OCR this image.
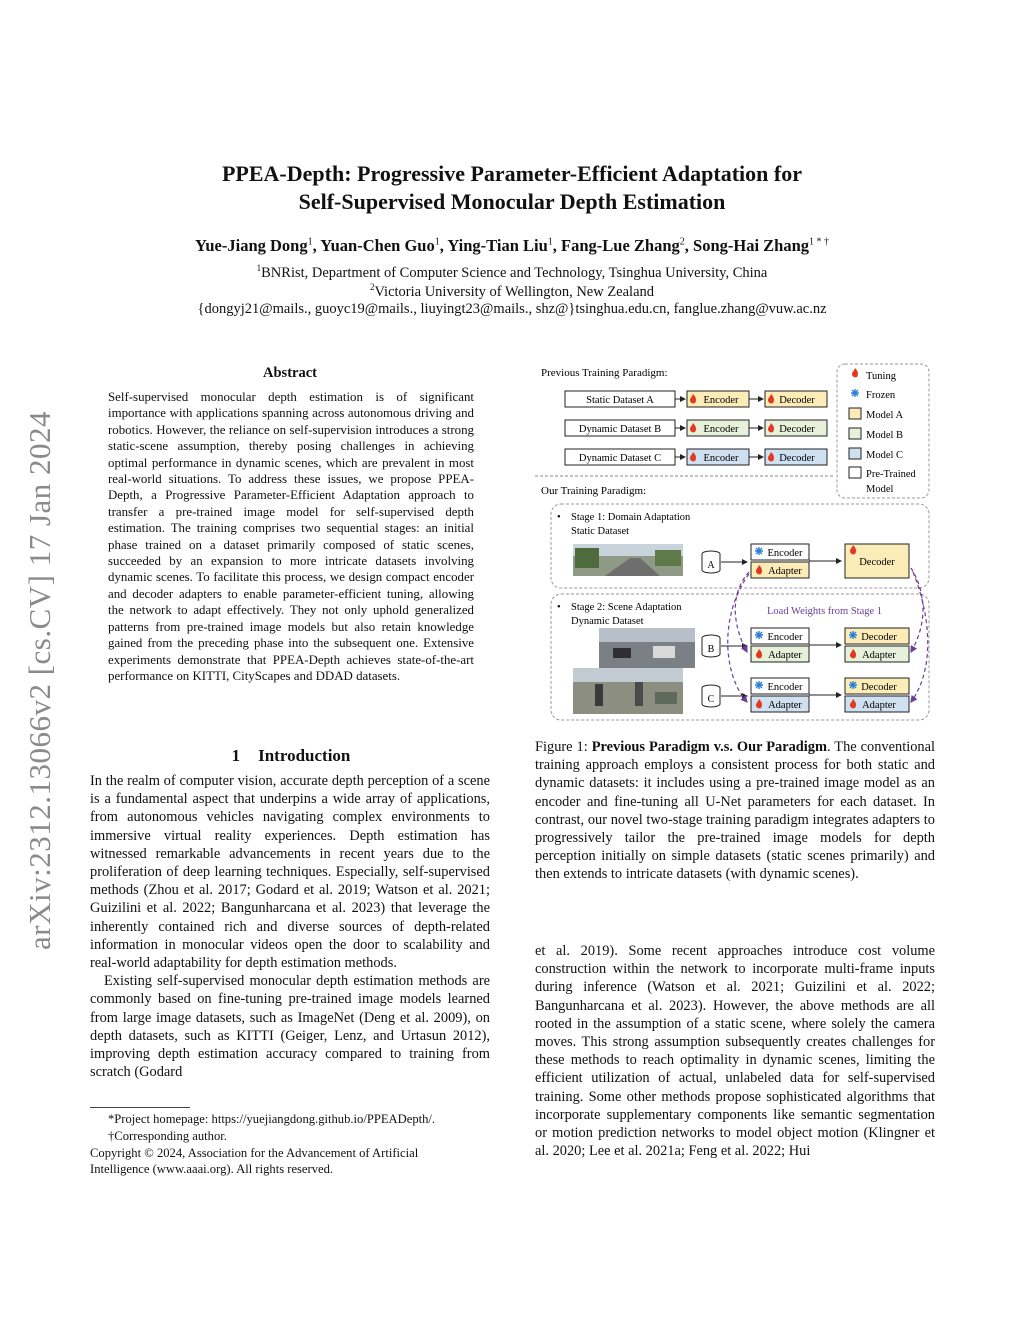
PPEA-Depth: Progressive Parameter-Efficient Adaptation for
Self-Supervised Monocular Depth Estimation
Yue-Jiang Dong$^1$, Yuan-Chen Guo$^1$, Ying-Tian Liu$^1$, Fang-Lue Zhang$^2$, Song-Hai Zhang$^{1 * \dagger}$
$^1$BNRist, Department of Computer Science and Technology, Tsinghua University, China
$^2$Victoria University of Wellington, New Zealand
{dongyj21@mails., guoyc19@mails., liuyingt23@mails., shz@}tsinghua.edu.cn, fanglue.zhang@vuw.ac.nz
arXiv:2312.13066v2 [cs.CV] 17 Jan 2024
Abstract
Self-supervised monocular depth estimation is of significant importance with applications spanning across autonomous driving and robotics. However, the reliance on self-supervision introduces a strong static-scene assumption, thereby posing challenges in achieving optimal performance in dynamic scenes, which are prevalent in most real-world situations. To address these issues, we propose PPEA-Depth, a Progressive Parameter-Efficient Adaptation approach to transfer a pre-trained image model for self-supervised depth estimation. The training comprises two sequential stages: an initial phase trained on a dataset primarily composed of static scenes, succeeded by an expansion to more intricate datasets involving dynamic scenes. To facilitate this process, we design compact encoder and decoder adapters to enable parameter-efficient tuning, allowing the network to adapt effectively. They not only uphold generalized patterns from pre-trained image models but also retain knowledge gained from the preceding phase into the subsequent one. Extensive experiments demonstrate that PPEA-Depth achieves state-of-the-art performance on KITTI, CityScapes and DDAD datasets.
1 Introduction

In the realm of computer vision, accurate depth perception of a scene is a fundamental aspect that underpins a wide array of applications, from autonomous vehicles navigating complex environments to immersive virtual reality experiences. Depth estimation has witnessed remarkable advancements in recent years due to the proliferation of deep learning techniques. Especially, self-supervised methods (Zhou et al. 2017; Godard et al. 2019; Watson et al. 2021; Guizilini et al. 2022; Bangunharcana et al. 2023) that leverage the inherently contained rich and diverse sources of depth-related information in monocular videos open the door to scalability and real-world adaptability for depth estimation methods.

Existing self-supervised monocular depth estimation methods are commonly based on fine-tuning pre-trained image models learned from large image datasets, such as ImageNet (Deng et al. 2009), on depth datasets, such as KITTI (Geiger, Lenz, and Urtasun 2012), improving depth estimation accuracy compared to training from scratch (Godard

*Project homepage: https://yuejiangdong.github.io/PPEADepth/.
†Corresponding author.
Copyright © 2024, Association for the Advancement of Artificial
Intelligence (www.aaai.org). All rights reserved.
Previous Training Paradigm:
Static Dataset A	Encoder	Decoder
Dynamic Dataset B	Encoder	Decoder
Dynamic Dataset C	Encoder	Decoder
Tuning
Frozen
Model A
Model B
Model C
Pre-Trained
Model
Our Training Paradigm:
• Stage 1: Domain Adaptation
Static Dataset
A
Encoder
Adapter
Decoder
• Stage 2: Scene Adaptation
Dynamic Dataset
Load Weights from Stage 1
B
Encoder
Adapter
Decoder
Adapter
C
Encoder
Adapter
Decoder
Adapter
Figure 1: Previous Paradigm v.s. Our Paradigm. The conventional training approach employs a consistent process for both static and dynamic datasets: it includes using a pre-trained image model as an encoder and fine-tuning all U-Net parameters for each dataset. In contrast, our novel two-stage training paradigm integrates adapters to progressively tailor the pre-trained image models for depth perception initially on simple datasets (static scenes primarily) and then extends to intricate datasets (with dynamic scenes).
et al. 2019). Some recent approaches introduce cost volume construction within the network to incorporate multi-frame inputs during inference (Watson et al. 2021; Guizilini et al. 2022; Bangunharcana et al. 2023). However, the above methods are all rooted in the assumption of a static scene, where solely the camera moves. This strong assumption subsequently creates challenges for these methods to reach optimality in dynamic scenes, limiting the efficient utilization of actual, unlabeled data for self-supervised training. Some other methods propose sophisticated algorithms that incorporate supplementary components like semantic segmentation or motion prediction networks to model object motion (Klingner et al. 2020; Lee et al. 2021a; Feng et al. 2022; Hui
